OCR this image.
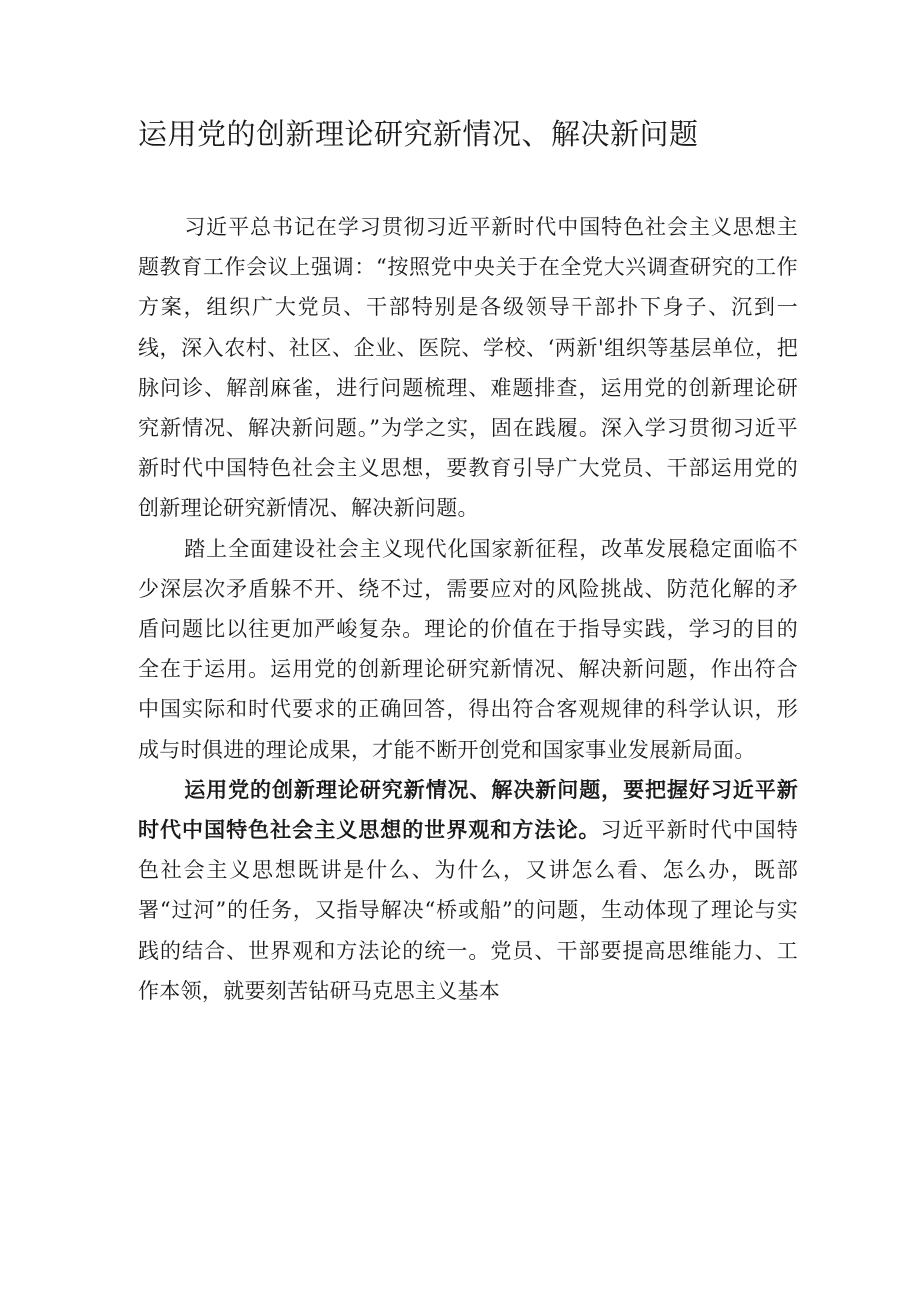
运用党的创新理论研究新情况、解决新问题

习近平总书记在学习贯彻习近平新时代中国特色社会主义思想主题教育工作会议上强调：“按照党中央关于在全党大兴调查研究的工作方案，组织广大党员、干部特别是各级领导干部扑下身子、沉到一线，深入农村、社区、企业、医院、学校、‘两新'组织等基层单位，把脉问诊、解剖麻雀，进行问题梳理、难题排查，运用党的创新理论研究新情况、解决新问题。”为学之实，固在践履。深入学习贯彻习近平新时代中国特色社会主义思想，要教育引导广大党员、干部运用党的创新理论研究新情况、解决新问题。

踏上全面建设社会主义现代化国家新征程，改革发展稳定面临不少深层次矛盾躲不开、绕不过，需要应对的风险挑战、防范化解的矛盾问题比以往更加严峻复杂。理论的价值在于指导实践，学习的目的全在于运用。运用党的创新理论研究新情况、解决新问题，作出符合中国实际和时代要求的正确回答，得出符合客观规律的科学认识，形成与时俱进的理论成果，才能不断开创党和国家事业发展新局面。

运用党的创新理论研究新情况、解决新问题，要把握好习近平新时代中国特色社会主义思想的世界观和方法论。习近平新时代中国特色社会主义思想既讲是什么、为什么，又讲怎么看、怎么办，既部署“过河”的任务，又指导解决“桥或船”的问题，生动体现了理论与实践的结合、世界观和方法论的统一。党员、干部要提高思维能力、工作本领，就要刻苦钻研马克思主义基本
